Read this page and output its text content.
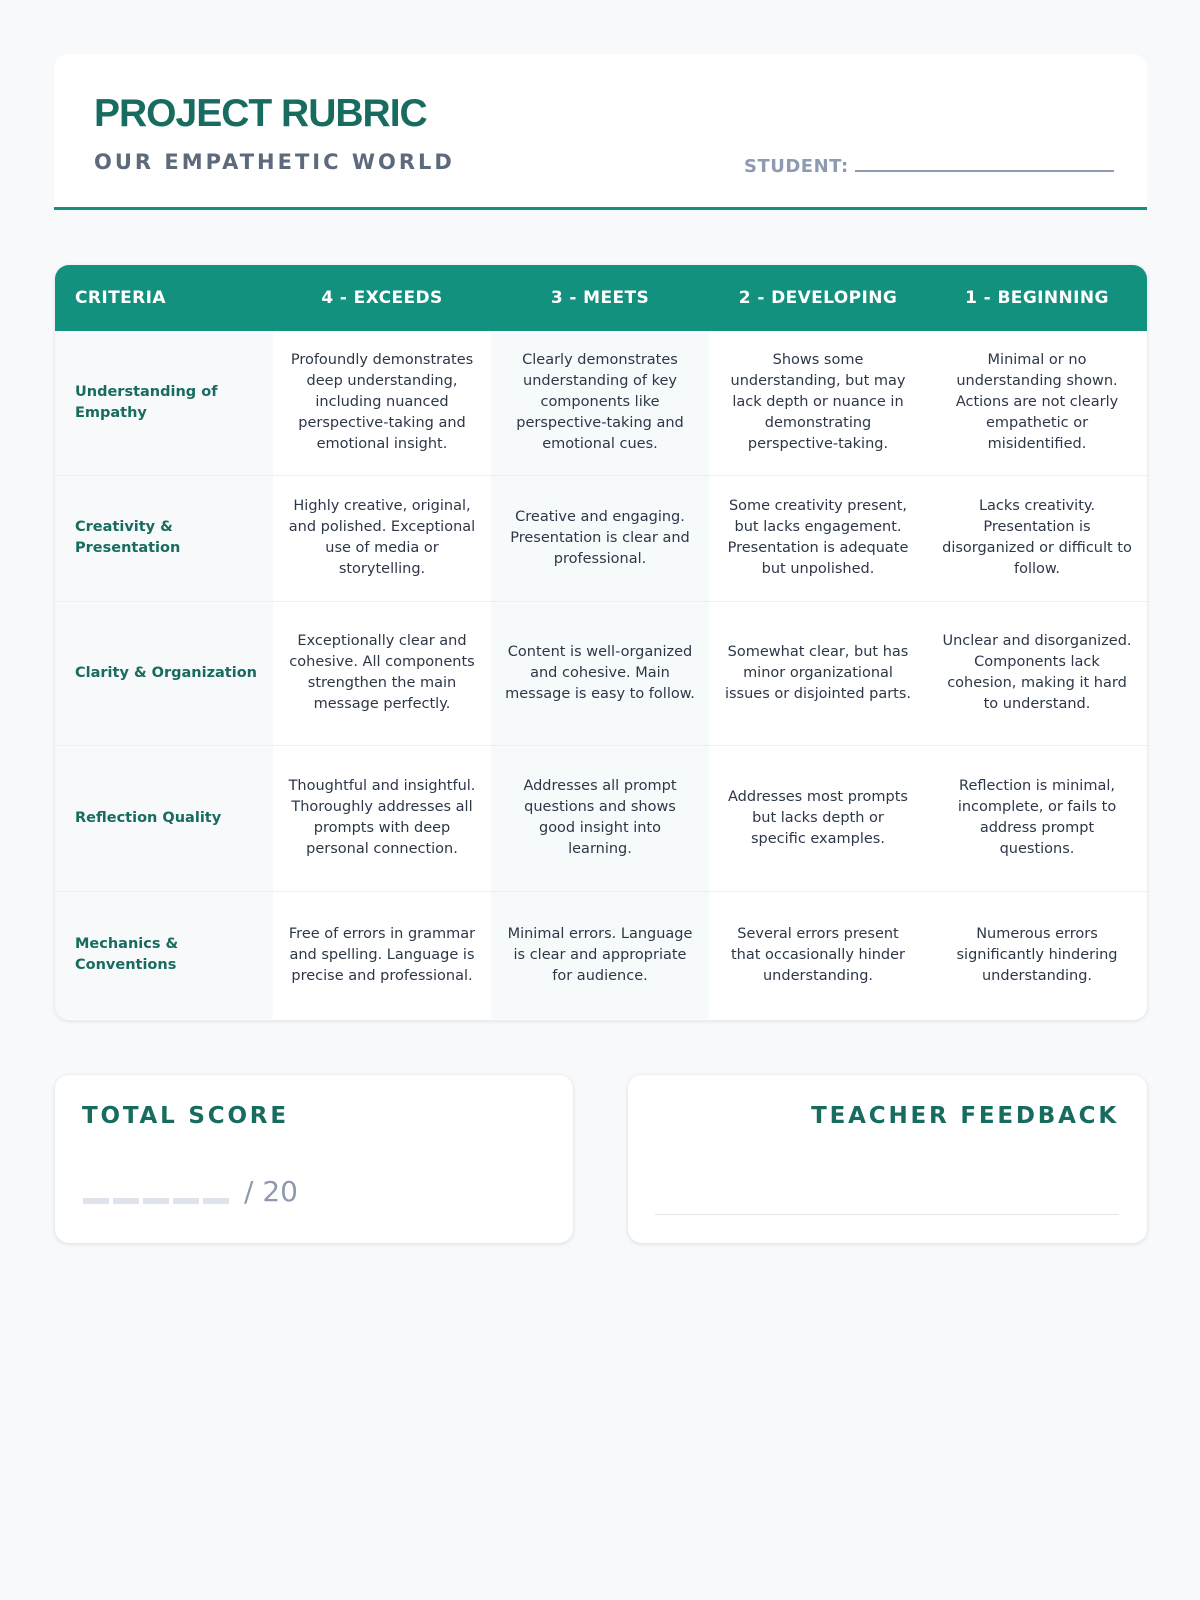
PROJECT RUBRIC
OUR EMPATHETIC WORLD	STUDENT:
CRITERIA	4 - EXCEEDS	3 - MEETS	2 - DEVELOPING	1 - BEGINNING
Understanding of Empathy	Profoundly demonstrates deep understanding, including nuanced perspective-taking and emotional insight.	Clearly demonstrates understanding of key components like perspective-taking and emotional cues.	Shows some understanding, but may lack depth or nuance in demonstrating perspective-taking.	Minimal or no understanding shown. Actions are not clearly empathetic or misidentified.
Creativity & Presentation	Highly creative, original, and polished. Exceptional use of media or storytelling.	Creative and engaging. Presentation is clear and professional.	Some creativity present, but lacks engagement. Presentation is adequate but unpolished.	Lacks creativity. Presentation is disorganized or difficult to follow.
Clarity & Organization	Exceptionally clear and cohesive. All components strengthen the main message perfectly.	Content is well-organized and cohesive. Main message is easy to follow.	Somewhat clear, but has minor organizational issues or disjointed parts.	Unclear and disorganized. Components lack cohesion, making it hard to understand.
Reflection Quality	Thoughtful and insightful. Thoroughly addresses all prompts with deep personal connection.	Addresses all prompt questions and shows good insight into learning.	Addresses most prompts but lacks depth or specific examples.	Reflection is minimal, incomplete, or fails to address prompt questions.
Mechanics & Conventions	Free of errors in grammar and spelling. Language is precise and professional.	Minimal errors. Language is clear and appropriate for audience.	Several errors present that occasionally hinder understanding.	Numerous errors significantly hindering understanding.
TOTAL SCORE
/ 20
TEACHER FEEDBACK
